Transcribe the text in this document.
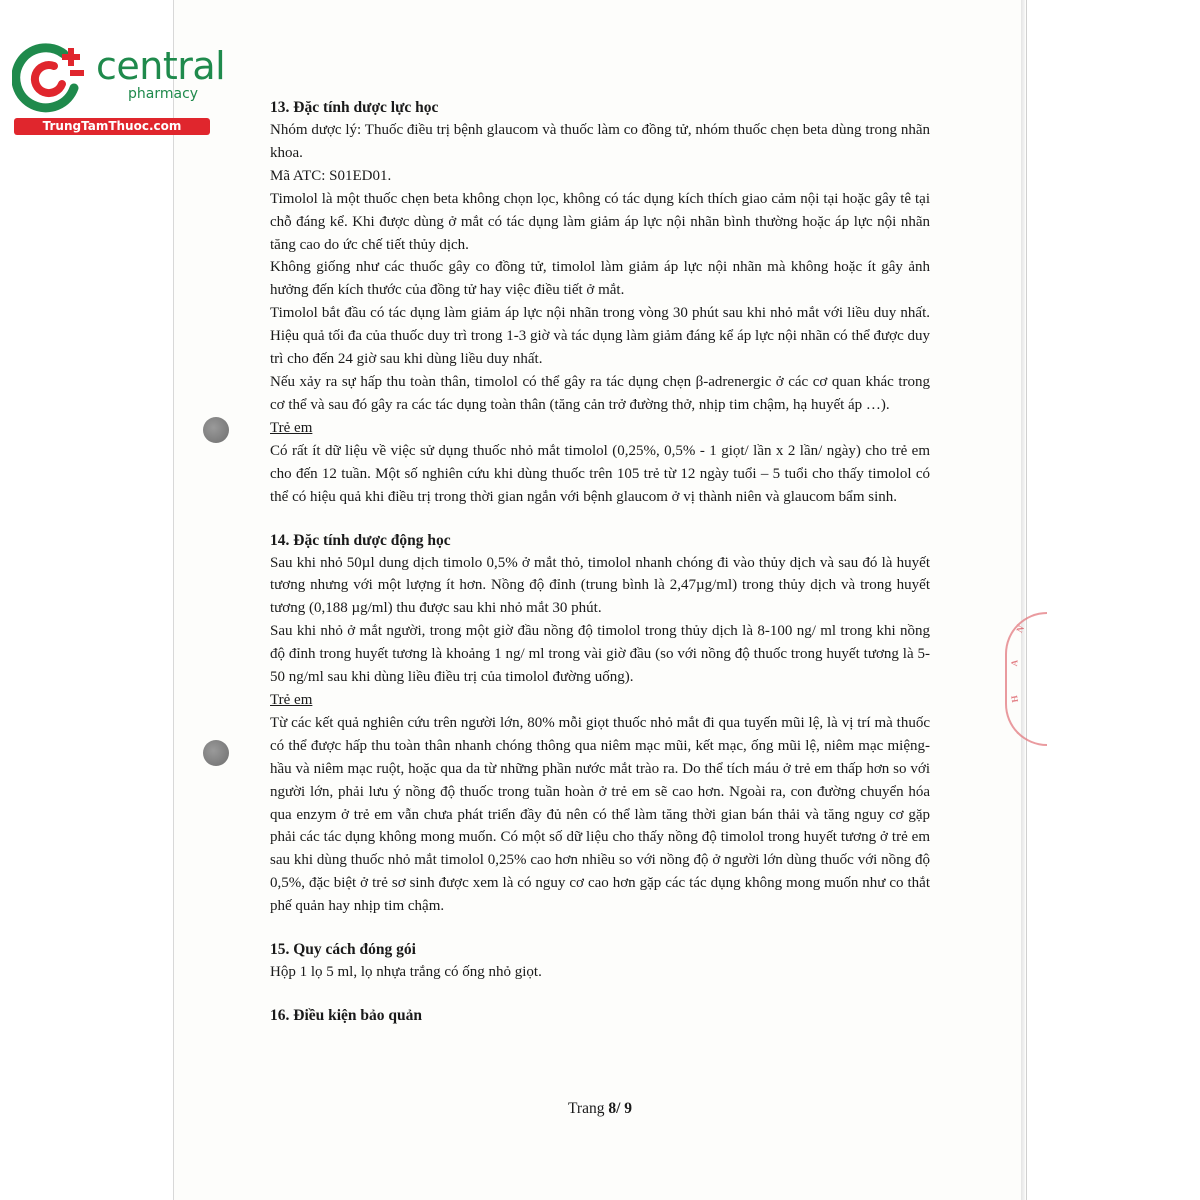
N
A
H
central
pharmacy
TrungTamThuoc.com
13. Đặc tính dược lực học
Nhóm dược lý: Thuốc điều trị bệnh glaucom và thuốc làm co đồng tử, nhóm thuốc chẹn beta dùng trong nhãn khoa.
Mã ATC: S01ED01.
Timolol là một thuốc chẹn beta không chọn lọc, không có tác dụng kích thích giao cảm nội tại hoặc gây tê tại chỗ đáng kể. Khi được dùng ở mắt có tác dụng làm giảm áp lực nội nhãn bình thường hoặc áp lực nội nhãn tăng cao do ức chế tiết thủy dịch.
Không giống như các thuốc gây co đồng tử, timolol làm giảm áp lực nội nhãn mà không hoặc ít gây ảnh hưởng đến kích thước của đồng tử hay việc điều tiết ở mắt.
Timolol bắt đầu có tác dụng làm giảm áp lực nội nhãn trong vòng 30 phút sau khi nhỏ mắt với liều duy nhất. Hiệu quả tối đa của thuốc duy trì trong 1-3 giờ và tác dụng làm giảm đáng kể áp lực nội nhãn có thể được duy trì cho đến 24 giờ sau khi dùng liều duy nhất.
Nếu xảy ra sự hấp thu toàn thân, timolol có thể gây ra tác dụng chẹn β-adrenergic ở các cơ quan khác trong cơ thể và sau đó gây ra các tác dụng toàn thân (tăng cản trở đường thở, nhịp tim chậm, hạ huyết áp …).
Trẻ em
Có rất ít dữ liệu về việc sử dụng thuốc nhỏ mắt timolol (0,25%, 0,5% - 1 giọt/ lần x 2 lần/ ngày) cho trẻ em cho đến 12 tuần. Một số nghiên cứu khi dùng thuốc trên 105 trẻ từ 12 ngày tuổi – 5 tuổi cho thấy timolol có thể có hiệu quả khi điều trị trong thời gian ngắn với bệnh glaucom ở vị thành niên và glaucom bẩm sinh.
14. Đặc tính dược động học
Sau khi nhỏ 50µl dung dịch timolo 0,5% ở mắt thỏ, timolol nhanh chóng đi vào thủy dịch và sau đó là huyết tương nhưng với một lượng ít hơn. Nồng độ đỉnh (trung bình là 2,47µg/ml) trong thủy dịch và trong huyết tương (0,188 µg/ml) thu được sau khi nhỏ mắt 30 phút.
Sau khi nhỏ ở mắt người, trong một giờ đầu nồng độ timolol trong thủy dịch là 8-100 ng/ ml trong khi nồng độ đỉnh trong huyết tương là khoảng 1 ng/ ml trong vài giờ đầu (so với nồng độ thuốc trong huyết tương là 5-50 ng/ml sau khi dùng liều điều trị của timolol đường uống).
Trẻ em
Từ các kết quả nghiên cứu trên người lớn, 80% mỗi giọt thuốc nhỏ mắt đi qua tuyến mũi lệ, là vị trí mà thuốc có thể được hấp thu toàn thân nhanh chóng thông qua niêm mạc mũi, kết mạc, ống mũi lệ, niêm mạc miệng-hầu và niêm mạc ruột, hoặc qua da từ những phần nước mắt trào ra. Do thể tích máu ở trẻ em thấp hơn so với người lớn, phải lưu ý nồng độ thuốc trong tuần hoàn ở trẻ em sẽ cao hơn. Ngoài ra, con đường chuyển hóa qua enzym ở trẻ em vẫn chưa phát triển đầy đủ nên có thể làm tăng thời gian bán thải và tăng nguy cơ gặp phải các tác dụng không mong muốn. Có một số dữ liệu cho thấy nồng độ timolol trong huyết tương ở trẻ em sau khi dùng thuốc nhỏ mắt timolol 0,25% cao hơn nhiều so với nồng độ ở người lớn dùng thuốc với nồng độ 0,5%, đặc biệt ở trẻ sơ sinh được xem là có nguy cơ cao hơn gặp các tác dụng không mong muốn như co thắt phế quản hay nhịp tim chậm.
15. Quy cách đóng gói
Hộp 1 lọ 5 ml, lọ nhựa trắng có ống nhỏ giọt.
16. Điều kiện bảo quản
Trang 8/ 9
